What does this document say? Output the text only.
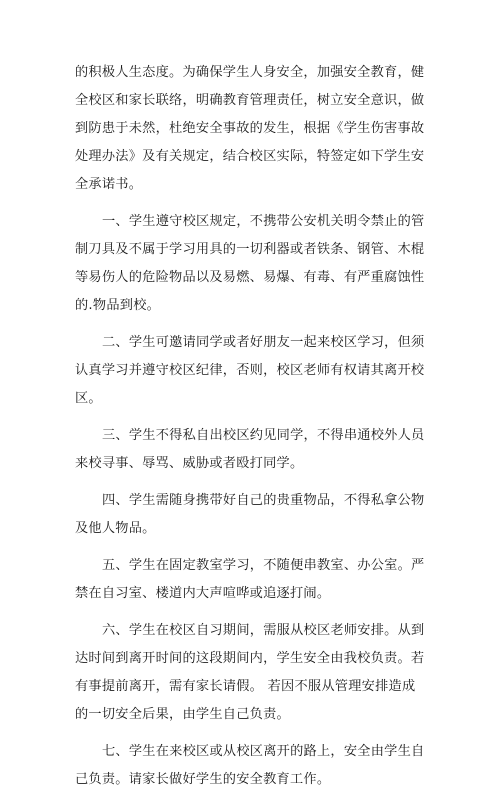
的积极人生态度。为确保学生人身安全，加强安全教育，健
全校区和家长联络，明确教育管理责任，树立安全意识，做
到防患于未然，杜绝安全事故的发生，根据《学生伤害事故
处理办法》及有关规定，结合校区实际，特签定如下学生安
全承诺书。
一、学生遵守校区规定，不携带公安机关明令禁止的管
制刀具及不属于学习用具的一切利器或者铁条、钢管、木棍
等易伤人的危险物品以及易燃、易爆、有毒、有严重腐蚀性
的.物品到校。
二、学生可邀请同学或者好朋友一起来校区学习，但须
认真学习并遵守校区纪律，否则，校区老师有权请其离开校
区。
三、学生不得私自出校区约见同学，不得串通校外人员
来校寻事、辱骂、威胁或者殴打同学。
四、学生需随身携带好自己的贵重物品，不得私拿公物
及他人物品。
五、学生在固定教室学习，不随便串教室、办公室。严
禁在自习室、楼道内大声喧哗或追逐打闹。
六、学生在校区自习期间，需服从校区老师安排。从到
达时间到离开时间的这段期间内，学生安全由我校负责。若
有事提前离开，需有家长请假。 若因不服从管理安排造成
的一切安全后果，由学生自己负责。
七、学生在来校区或从校区离开的路上，安全由学生自
己负责。请家长做好学生的安全教育工作。
